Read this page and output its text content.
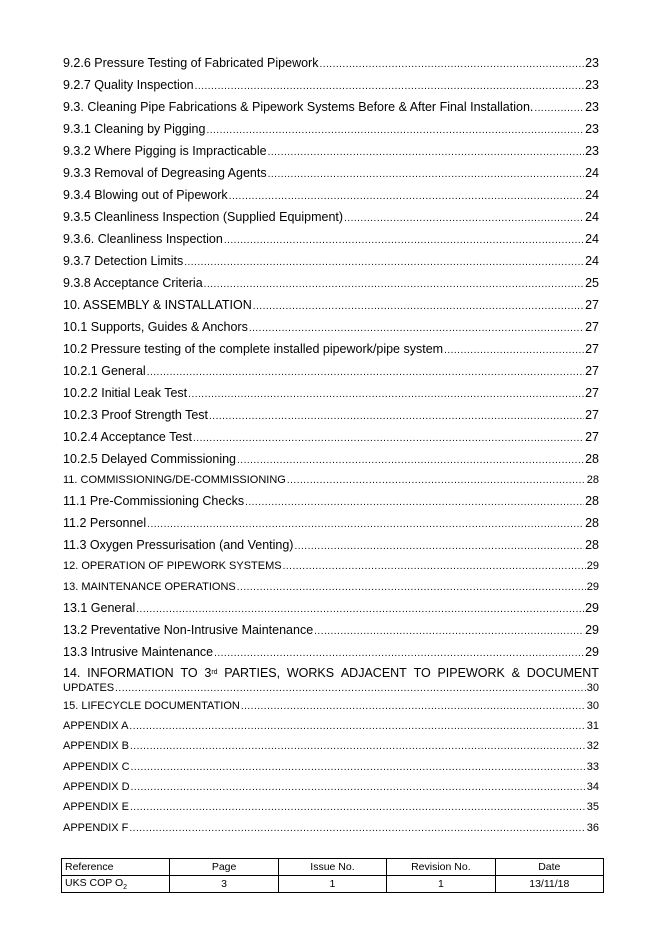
9.2.6 Pressure Testing of Fabricated Pipework .....	23
9.2.7 Quality Inspection .....	23
9.3. Cleaning Pipe Fabrications & Pipework Systems Before & After Final Installation. .....	23
9.3.1 Cleaning by Pigging .....	23
9.3.2 Where Pigging is Impracticable .....	23
9.3.3 Removal of Degreasing Agents .....	24
9.3.4 Blowing out of Pipework .....	24
9.3.5 Cleanliness Inspection (Supplied Equipment) .....	24
9.3.6. Cleanliness Inspection .....	24
9.3.7 Detection Limits .....	24
9.3.8 Acceptance Criteria .....	25
10. ASSEMBLY & INSTALLATION .....	27
10.1 Supports, Guides & Anchors .....	27
10.2 Pressure testing of the complete installed pipework/pipe system .....	27
10.2.1 General .....	27
10.2.2 Initial Leak Test .....	27
10.2.3 Proof Strength Test .....	27
10.2.4 Acceptance Test .....	27
10.2.5 Delayed Commissioning .....	28
11. COMMISSIONING/DE-COMMISSIONING .....	28
11.1 Pre-Commissioning Checks .....	28
11.2 Personnel .....	28
11.3 Oxygen Pressurisation (and Venting) .....	28
12. OPERATION OF PIPEWORK SYSTEMS .....	29
13. MAINTENANCE OPERATIONS .....	29
13.1 General .....	29
13.2 Preventative Non-Intrusive Maintenance .....	29
13.3 Intrusive Maintenance .....	29
14. INFORMATION TO 3rd PARTIES, WORKS ADJACENT TO PIPEWORK & DOCUMENT
UPDATES .....	30
15. LIFECYCLE DOCUMENTATION .....	30
APPENDIX A .....	31
APPENDIX B .....	32
APPENDIX C .....	33
APPENDIX D .....	34
APPENDIX E .....	35
APPENDIX F .....	36
Reference	Page	Issue No.	Revision No.	Date
UKS COP $O_2$	3	1	1	13/11/18
